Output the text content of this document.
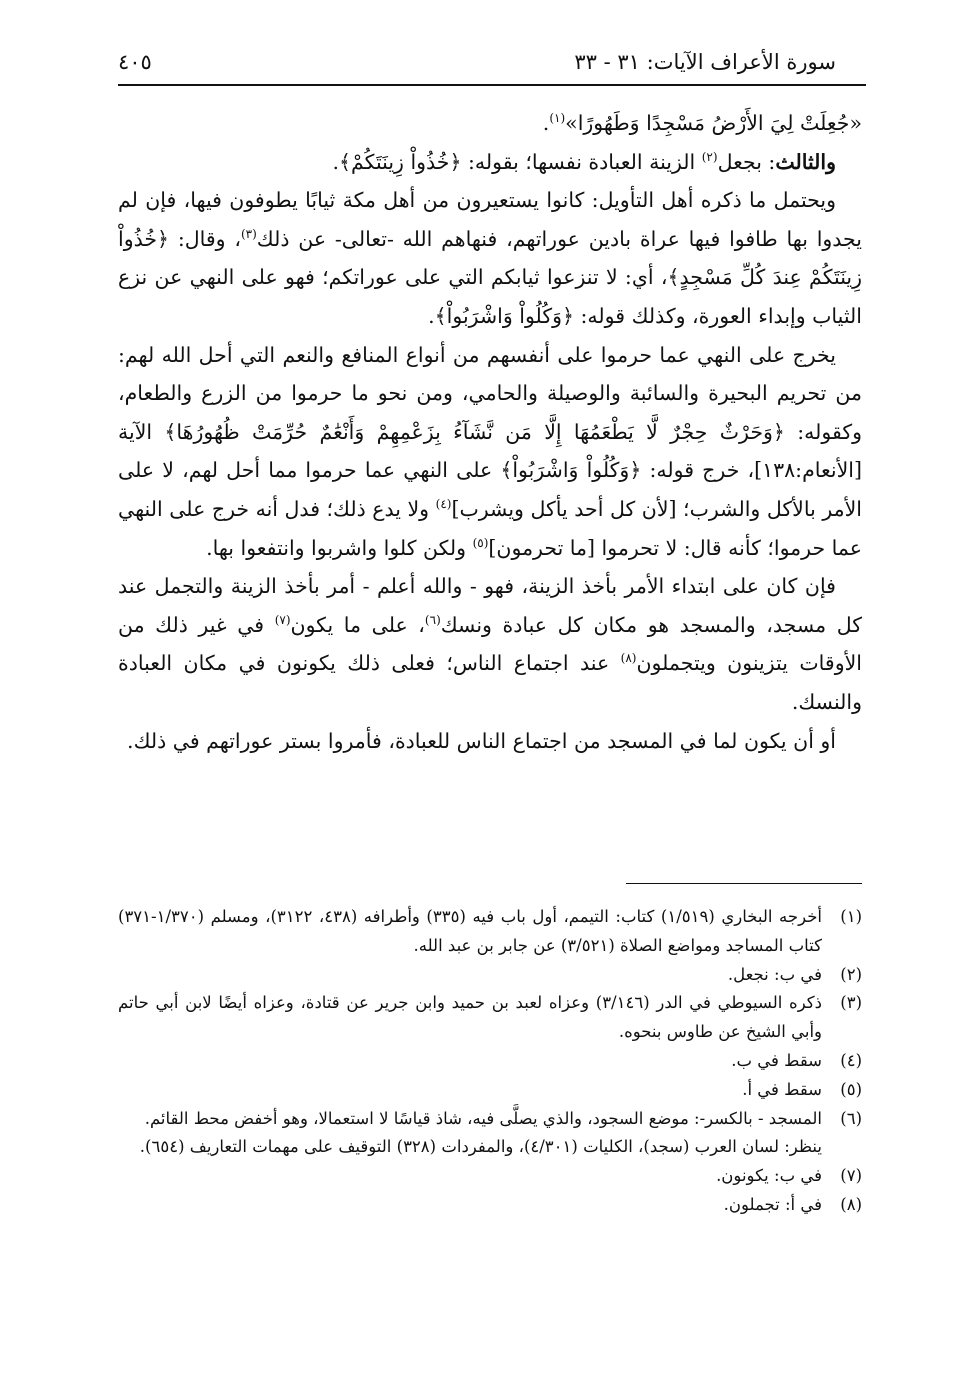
سورة الأعراف الآيات: ٣١ - ٣٣
٤٠٥

«جُعِلَتْ لِيَ الأَرْضُ مَسْجِدًا وَطَهُورًا»$^{(١)}$.

والثالث: بجعل$^{(٢)}$ الزينة العبادة نفسها؛ بقوله: ﴿خُذُواْ زِينَتَكُمْ﴾.

ويحتمل ما ذكره أهل التأويل: كانوا يستعيرون من أهل مكة ثيابًا يطوفون فيها، فإن لم يجدوا بها طافوا فيها عراة بادين عوراتهم، فنهاهم الله -تعالى- عن ذلك$^{(٣)}$، وقال: ﴿خُذُواْ زِينَتَكُمْ عِندَ كُلِّ مَسْجِدٍ﴾، أي: لا تنزعوا ثيابكم التي على عوراتكم؛ فهو على النهي عن نزع الثياب وإبداء العورة، وكذلك قوله: ﴿وَكُلُواْ وَاشْرَبُواْ﴾.

يخرج على النهي عما حرموا على أنفسهم من أنواع المنافع والنعم التي أحل الله لهم: من تحريم البحيرة والسائبة والوصيلة والحامي، ومن نحو ما حرموا من الزرع والطعام، وكقوله: ﴿وَحَرْثٌ حِجْرٌ لَّا يَطْعَمُهَا إِلَّا مَن نَّشَآءُ بِزَعْمِهِمْ وَأَنْعَٰمٌ حُرِّمَتْ ظُهُورُهَا﴾ الآية [الأنعام:١٣٨]، خرج قوله: ﴿وَكُلُواْ وَاشْرَبُواْ﴾ على النهي عما حرموا مما أحل لهم، لا على الأمر بالأكل والشرب؛ [لأن كل أحد يأكل ويشرب]$^{(٤)}$ ولا يدع ذلك؛ فدل أنه خرج على النهي عما حرموا؛ كأنه قال: لا تحرموا [ما تحرمون]$^{(٥)}$ ولكن كلوا واشربوا وانتفعوا بها.

فإن كان على ابتداء الأمر بأخذ الزينة، فهو - والله أعلم - أمر بأخذ الزينة والتجمل عند كل مسجد، والمسجد هو مكان كل عبادة ونسك$^{(٦)}$، على ما يكون$^{(٧)}$ في غير ذلك من الأوقات يتزينون ويتجملون$^{(٨)}$ عند اجتماع الناس؛ فعلى ذلك يكونون في مكان العبادة والنسك.

أو أن يكون لما في المسجد من اجتماع الناس للعبادة، فأمروا بستر عوراتهم في ذلك.

(١)
أخرجه البخاري (١/٥١٩) كتاب: التيمم، أول باب فيه (٣٣٥) وأطرافه (٤٣٨، ٣١٢٢)، ومسلم (١/٣٧٠-٣٧١) كتاب المساجد ومواضع الصلاة (٣/٥٢١) عن جابر بن عبد الله.
(٢)
في ب: نجعل.
(٣)
ذكره السيوطي في الدر (٣/١٤٦) وعزاه لعبد بن حميد وابن جرير عن قتادة، وعزاه أيضًا لابن أبي حاتم وأبي الشيخ عن طاوس بنحوه.
(٤)
سقط في ب.
(٥)
سقط في أ.
(٦)
المسجد - بالكسر-: موضع السجود، والذي يصلَّى فيه، شاذ قياسًا لا استعمالا، وهو أخفض محط القائم.
ينظر: لسان العرب (سجد)، الكليات (٤/٣٠١)، والمفردات (٣٢٨) التوقيف على مهمات التعاريف (٦٥٤).
(٧)
في ب: يكونون.
(٨)
في أ: تجملون.
